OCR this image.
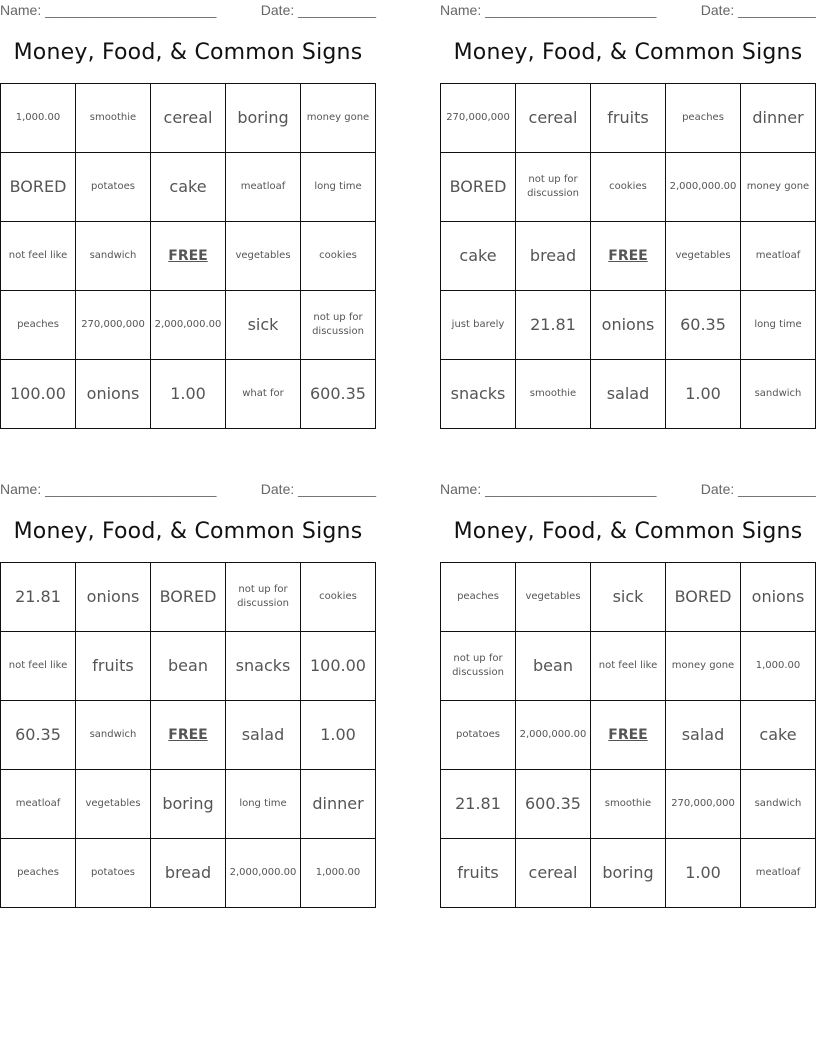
Name: ______________________	Date: __________
Money, Food, & Common Signs
1,000.00	smoothie	cereal	boring	money gone
BORED	potatoes	cake	meatloaf	long time
not feel like	sandwich	FREE	vegetables	cookies
peaches	270,000,000	2,000,000.00	sick	not up for discussion
100.00	onions	1.00	what for	600.35
Name: ______________________	Date: __________
Money, Food, & Common Signs
270,000,000	cereal	fruits	peaches	dinner
BORED	not up for discussion	cookies	2,000,000.00	money gone
cake	bread	FREE	vegetables	meatloaf
just barely	21.81	onions	60.35	long time
snacks	smoothie	salad	1.00	sandwich
Name: ______________________	Date: __________
Money, Food, & Common Signs
21.81	onions	BORED	not up for discussion	cookies
not feel like	fruits	bean	snacks	100.00
60.35	sandwich	FREE	salad	1.00
meatloaf	vegetables	boring	long time	dinner
peaches	potatoes	bread	2,000,000.00	1,000.00
Name: ______________________	Date: __________
Money, Food, & Common Signs
peaches	vegetables	sick	BORED	onions
not up for discussion	bean	not feel like	money gone	1,000.00
potatoes	2,000,000.00	FREE	salad	cake
21.81	600.35	smoothie	270,000,000	sandwich
fruits	cereal	boring	1.00	meatloaf
